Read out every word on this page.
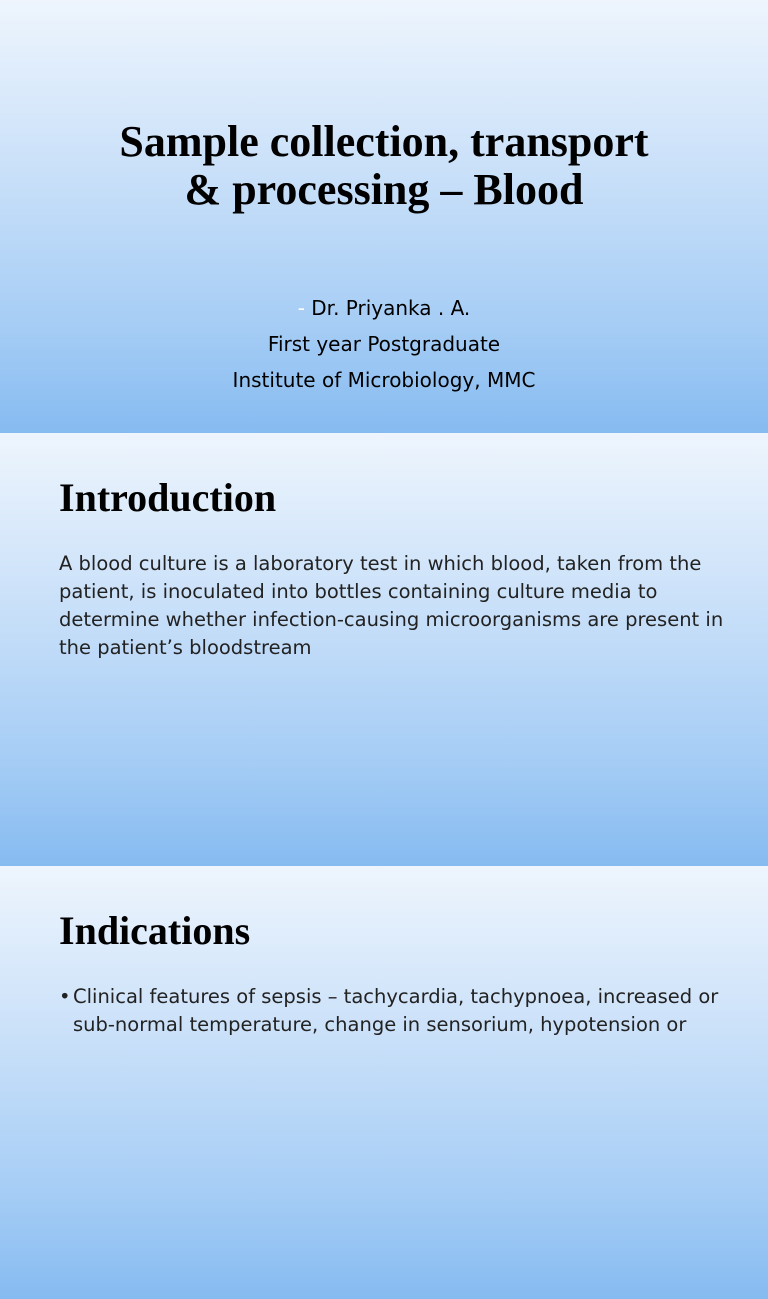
Sample collection, transport
& processing – Blood
- Dr. Priyanka . A.
First year Postgraduate
Institute of Microbiology, MMC
Introduction

A blood culture is a laboratory test in which blood, taken from the patient, is inoculated into bottles containing culture media to determine whether infection-causing microorganisms are present in the patient’s bloodstream

Indications
• Clinical features of sepsis – tachycardia, tachypnoea, increased or sub-normal temperature, change in sensorium, hypotension or
